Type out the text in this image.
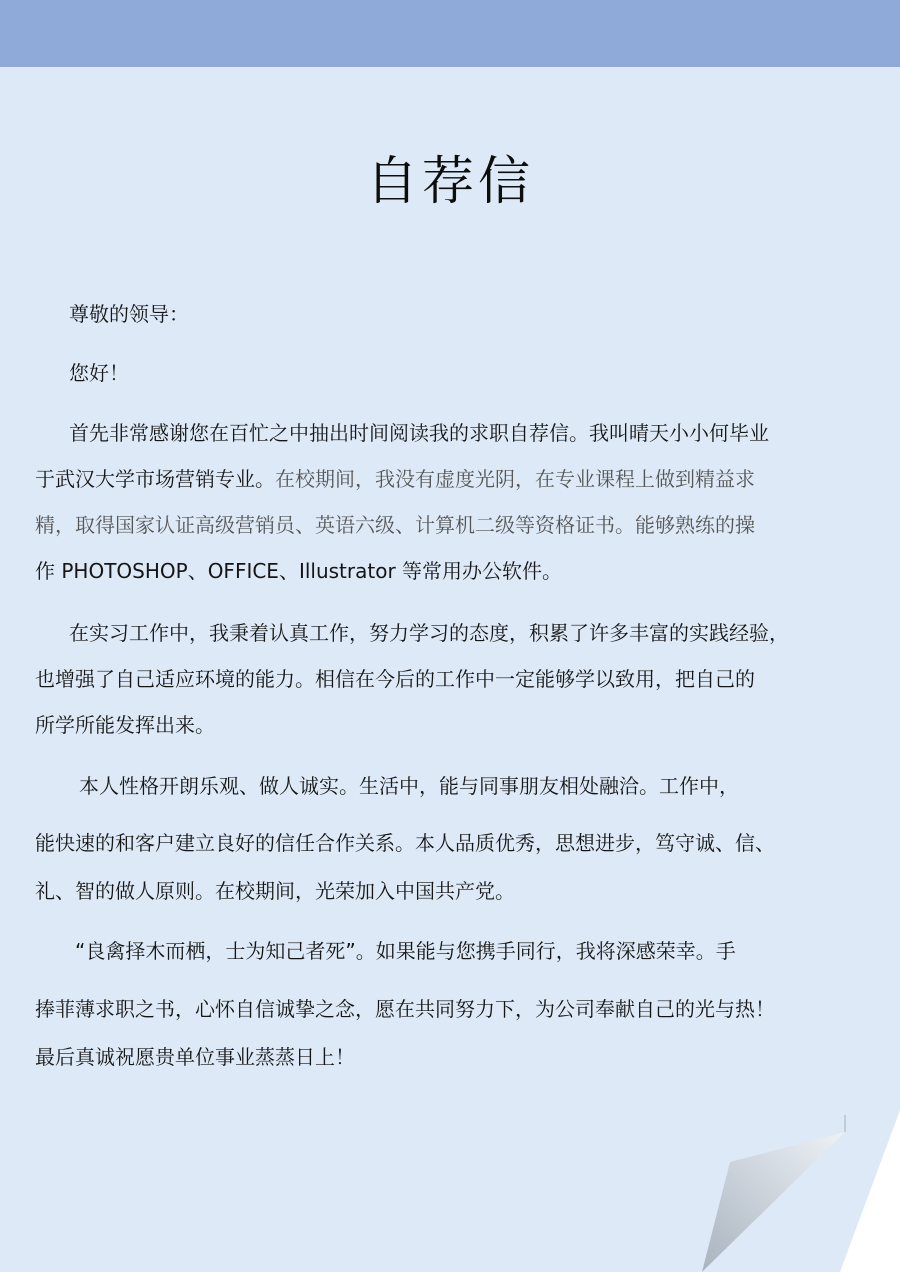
自荐信
尊敬的领导：
您好！
首先非常感谢您在百忙之中抽出时间阅读我的求职自荐信。我叫晴天小小何毕业
于武汉大学市场营销专业。在校期间，我没有虚度光阴，在专业课程上做到精益求
精，取得国家认证高级营销员、英语六级、计算机二级等资格证书。能够熟练的操
作 PHOTOSHOP、OFFICE、Illustrator 等常用办公软件。
在实习工作中，我秉着认真工作，努力学习的态度，积累了许多丰富的实践经验，
也增强了自己适应环境的能力。相信在今后的工作中一定能够学以致用，把自己的
所学所能发挥出来。
本人性格开朗乐观、做人诚实。生活中，能与同事朋友相处融洽。工作中，
能快速的和客户建立良好的信任合作关系。本人品质优秀，思想进步，笃守诚、信、
礼、智的做人原则。在校期间，光荣加入中国共产党。
“良禽择木而栖，士为知己者死”。如果能与您携手同行，我将深感荣幸。手
捧菲薄求职之书，心怀自信诚挚之念，愿在共同努力下，为公司奉献自己的光与热！
最后真诚祝愿贵单位事业蒸蒸日上！
